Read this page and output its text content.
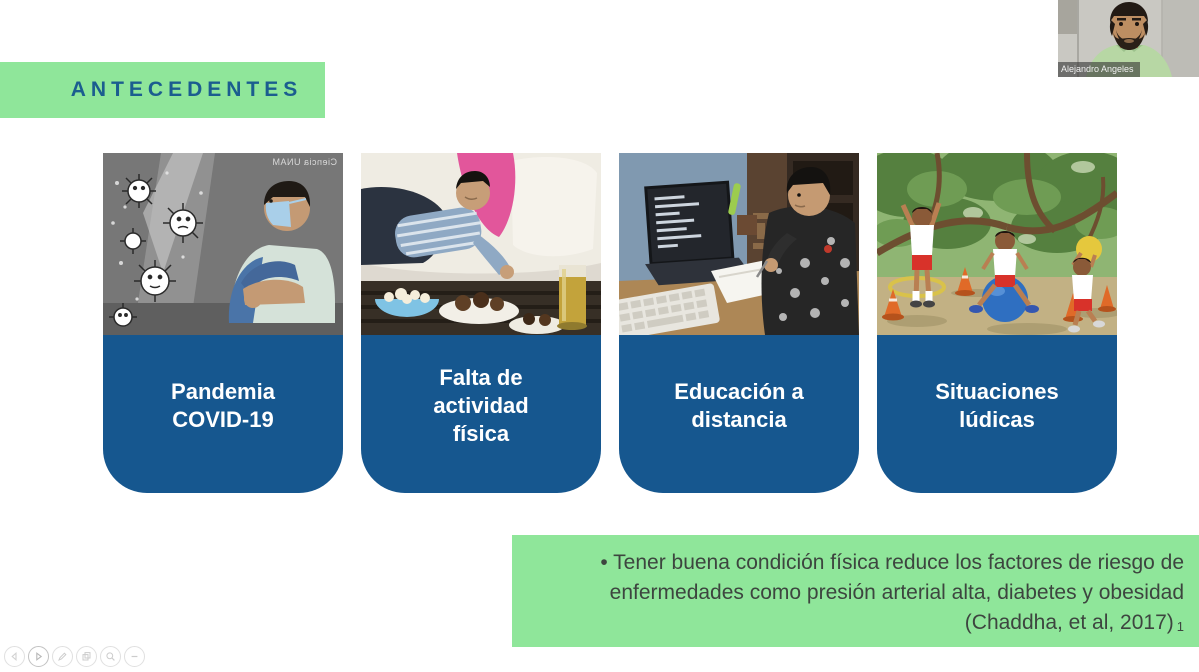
ANTECEDENTES
Ciencia UNAM
Pandemia
COVID-19
Falta de
actividad
física
Educación a
distancia
Situaciones
lúdicas
• Tener buena condición física reduce los factores de riesgo de
enfermedades como presión arterial alta, diabetes y obesidad
(Chaddha, et al, 2017) 1
Alejandro Angeles
